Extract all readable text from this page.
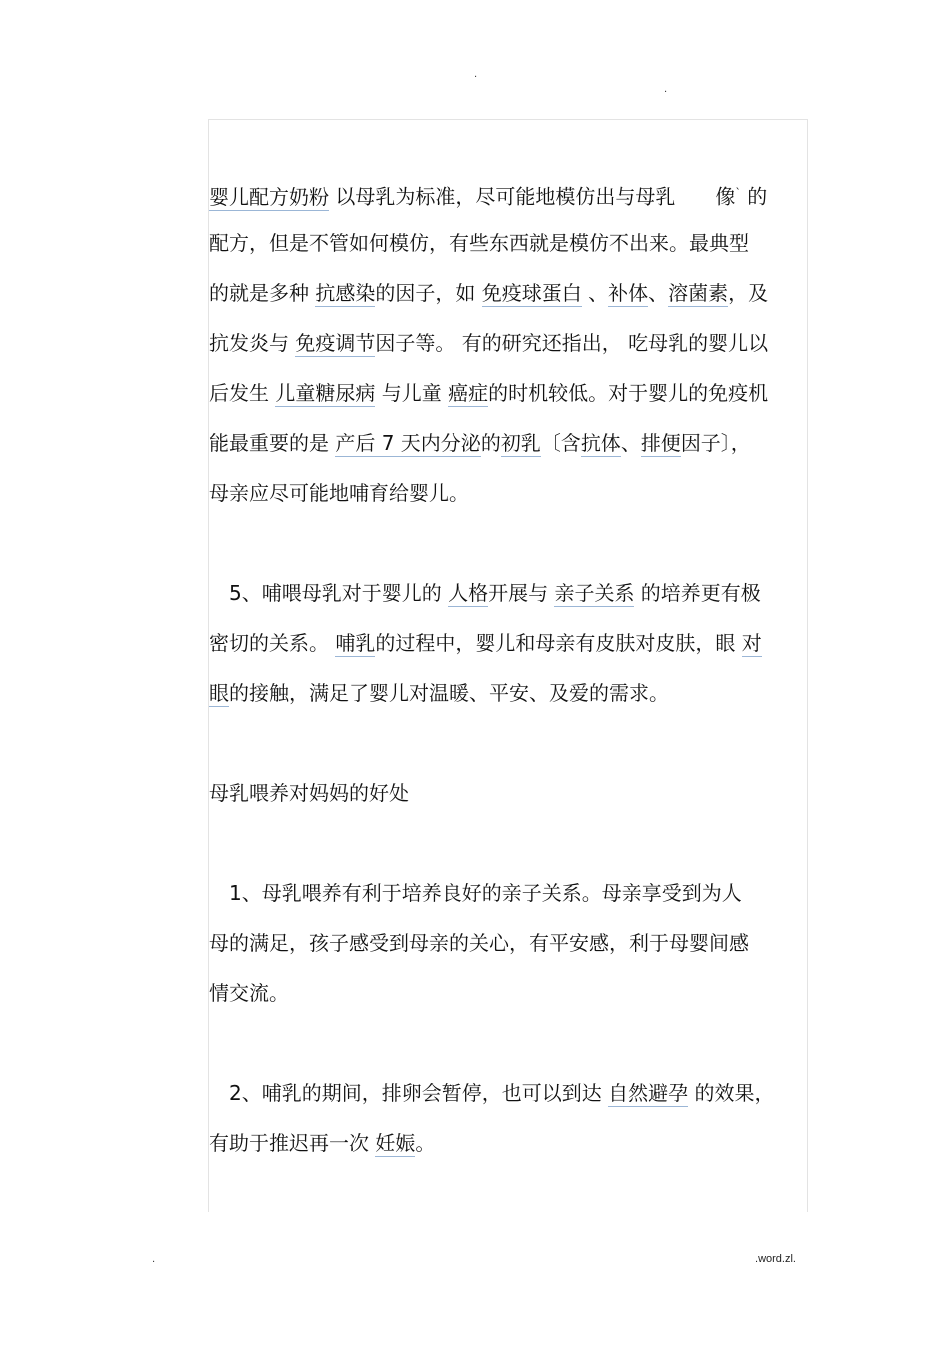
.
.
婴儿配方奶粉 以母乳为标准，尽可能地模仿出与母乳 像$^ˋ$ 的
配方，但是不管如何模仿，有些东西就是模仿不出来。最典型
的就是多种 抗感染的因子，如 免疫球蛋白 、补体、溶菌素，及
抗发炎与 免疫调节因子等。 有的研究还指出， 吃母乳的婴儿以
后发生 儿童糖尿病 与儿童 癌症的时机较低。对于婴儿的免疫机
能最重要的是 产后 7 天内分泌的初乳〔含抗体、排便因子〕，
母亲应尽可能地哺育给婴儿。
5、哺喂母乳对于婴儿的 人格开展与 亲子关系 的培养更有极
密切的关系。 哺乳的过程中，婴儿和母亲有皮肤对皮肤，眼 对
眼的接触，满足了婴儿对温暖、平安、及爱的需求。
母乳喂养对妈妈的好处
1、母乳喂养有利于培养良好的亲子关系。母亲享受到为人
母的满足，孩子感受到母亲的关心，有平安感，利于母婴间感
情交流。
2、哺乳的期间，排卵会暂停，也可以到达 自然避孕 的效果，
有助于推迟再一次 妊娠。
.	.word.zl.
